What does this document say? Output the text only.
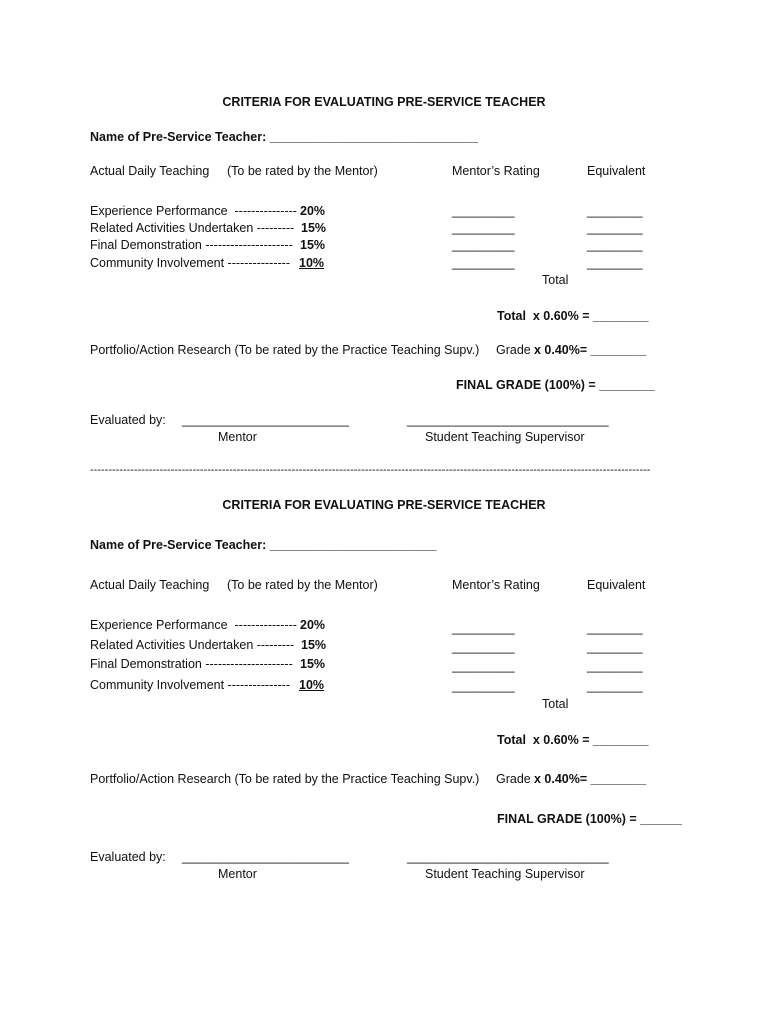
CRITERIA FOR EVALUATING PRE-SERVICE TEACHER
Name of Pre-Service Teacher: ______________________________
Actual Daily Teaching (To be rated by the Mentor)	Mentor’s Rating	Equivalent
Experience Performance  --------------- 20%	_________	________
Related Activities Undertaken --------- 15%	_________	________
Final Demonstration --------------------- 15%	_________	________
Community Involvement --------------- 10%	_________	________
Total
Total  x 0.60% = ________
Portfolio/Action Research (To be rated by the Practice Teaching Supv.) Grade x 0.40%= ________
FINAL GRADE (100%) = ________
Evaluated by: ________________________	_____________________________
Mentor	Student Teaching Supervisor
---------------------------------------------------------------------------------------------------------------------------------------------------------
CRITERIA FOR EVALUATING PRE-SERVICE TEACHER
Name of Pre-Service Teacher: ________________________
Actual Daily Teaching (To be rated by the Mentor)	Mentor’s Rating	Equivalent
Experience Performance  --------------- 20%	_________	________
Related Activities Undertaken --------- 15%	_________	________
Final Demonstration --------------------- 15%	_________	________
Community Involvement --------------- 10%	_________	________
Total
Total  x 0.60% = ________
Portfolio/Action Research (To be rated by the Practice Teaching Supv.) Grade x 0.40%= ________
FINAL GRADE (100%) = ______
Evaluated by: ________________________	_____________________________
Mentor	Student Teaching Supervisor
